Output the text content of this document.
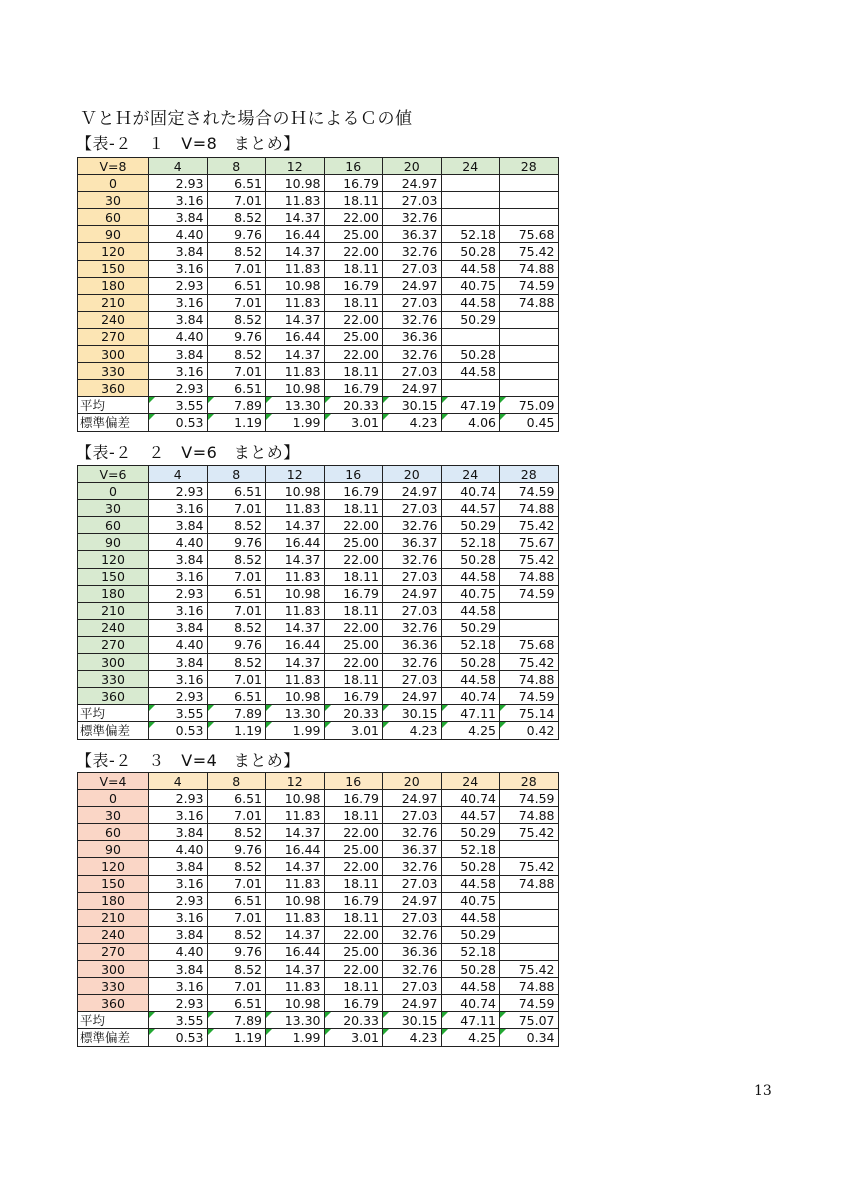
ＶとＨが固定された場合のＨによるＣの値
【表-２　１　V=8　まとめ】
V=8	4	8	12	16	20	24	28
0	2.93	6.51	10.98	16.79	24.97		
30	3.16	7.01	11.83	18.11	27.03		
60	3.84	8.52	14.37	22.00	32.76		
90	4.40	9.76	16.44	25.00	36.37	52.18	75.68
120	3.84	8.52	14.37	22.00	32.76	50.28	75.42
150	3.16	7.01	11.83	18.11	27.03	44.58	74.88
180	2.93	6.51	10.98	16.79	24.97	40.75	74.59
210	3.16	7.01	11.83	18.11	27.03	44.58	74.88
240	3.84	8.52	14.37	22.00	32.76	50.29	
270	4.40	9.76	16.44	25.00	36.36		
300	3.84	8.52	14.37	22.00	32.76	50.28	
330	3.16	7.01	11.83	18.11	27.03	44.58	
360	2.93	6.51	10.98	16.79	24.97		
平均	3.55	7.89	13.30	20.33	30.15	47.19	75.09
標準偏差	0.53	1.19	1.99	3.01	4.23	4.06	0.45
【表-２　２　V=6　まとめ】
V=6	4	8	12	16	20	24	28
0	2.93	6.51	10.98	16.79	24.97	40.74	74.59
30	3.16	7.01	11.83	18.11	27.03	44.57	74.88
60	3.84	8.52	14.37	22.00	32.76	50.29	75.42
90	4.40	9.76	16.44	25.00	36.37	52.18	75.67
120	3.84	8.52	14.37	22.00	32.76	50.28	75.42
150	3.16	7.01	11.83	18.11	27.03	44.58	74.88
180	2.93	6.51	10.98	16.79	24.97	40.75	74.59
210	3.16	7.01	11.83	18.11	27.03	44.58	
240	3.84	8.52	14.37	22.00	32.76	50.29	
270	4.40	9.76	16.44	25.00	36.36	52.18	75.68
300	3.84	8.52	14.37	22.00	32.76	50.28	75.42
330	3.16	7.01	11.83	18.11	27.03	44.58	74.88
360	2.93	6.51	10.98	16.79	24.97	40.74	74.59
平均	3.55	7.89	13.30	20.33	30.15	47.11	75.14
標準偏差	0.53	1.19	1.99	3.01	4.23	4.25	0.42
【表-２　３　V=4　まとめ】
V=4	4	8	12	16	20	24	28
0	2.93	6.51	10.98	16.79	24.97	40.74	74.59
30	3.16	7.01	11.83	18.11	27.03	44.57	74.88
60	3.84	8.52	14.37	22.00	32.76	50.29	75.42
90	4.40	9.76	16.44	25.00	36.37	52.18	
120	3.84	8.52	14.37	22.00	32.76	50.28	75.42
150	3.16	7.01	11.83	18.11	27.03	44.58	74.88
180	2.93	6.51	10.98	16.79	24.97	40.75	
210	3.16	7.01	11.83	18.11	27.03	44.58	
240	3.84	8.52	14.37	22.00	32.76	50.29	
270	4.40	9.76	16.44	25.00	36.36	52.18	
300	3.84	8.52	14.37	22.00	32.76	50.28	75.42
330	3.16	7.01	11.83	18.11	27.03	44.58	74.88
360	2.93	6.51	10.98	16.79	24.97	40.74	74.59
平均	3.55	7.89	13.30	20.33	30.15	47.11	75.07
標準偏差	0.53	1.19	1.99	3.01	4.23	4.25	0.34
13
